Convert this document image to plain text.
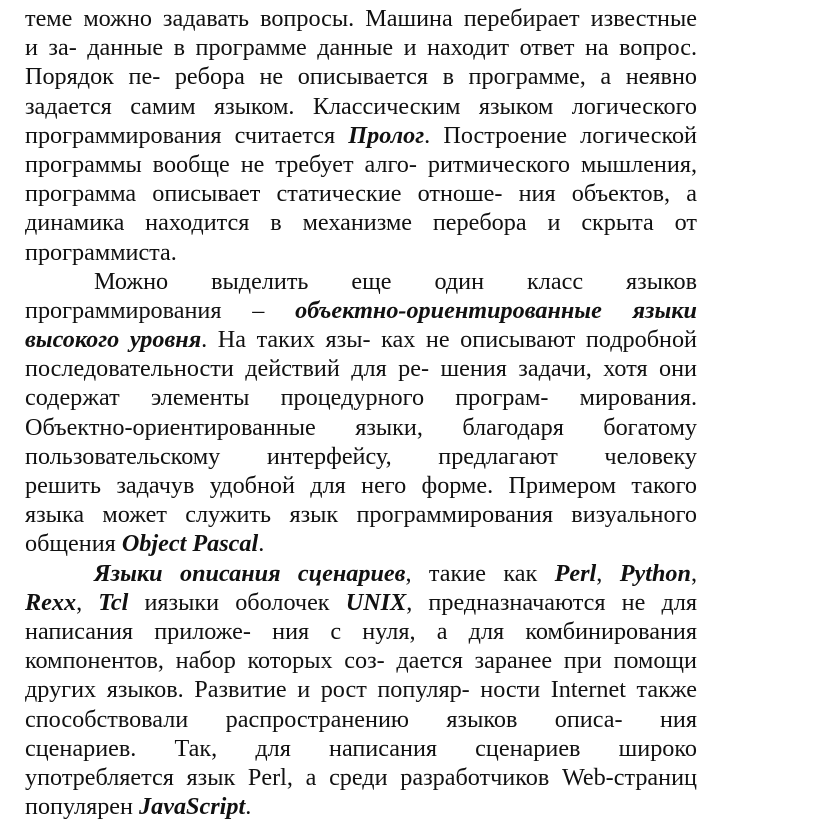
теме можно задавать вопросы. Машина перебирает известные
и за- данные в программе данные и находит ответ на вопрос.
Порядок пе- ребора не описывается в программе, а неявно
задается самим языком. Классическим языком логического
программирования считается Пролог. Построение логической
программы вообще не требует алго- ритмического мышления,
программа описывает статические отноше- ния объектов, а
динамика находится в механизме перебора и скрыта от
программиста.
Можно выделить еще один класс языков
программирования – объектно-ориентированные языки
высокого уровня. На таких язы- ках не описывают подробной
последовательности действий для ре- шения задачи, хотя они
содержат элементы процедурного програм- мирования.
Объектно-ориентированные языки, благодаря богатому
пользовательскому интерфейсу, предлагают человеку
решить задачув удобной для него форме. Примером такого
языка может служить язык программирования визуального
общения Object Pascal.
Языки описания сценариев, такие как Perl, Python,
Rexx, Tcl иязыки оболочек UNIX, предназначаются не для
написания приложе- ния с нуля, а для комбинирования
компонентов, набор которых соз- дается заранее при помощи
других языков. Развитие и рост популяр- ности Internet также
способствовали распространению языков описа- ния
сценариев. Так, для написания сценариев широко
употребляется язык Perl, а среди разработчиков Web-страниц
популярен JavaScript.
